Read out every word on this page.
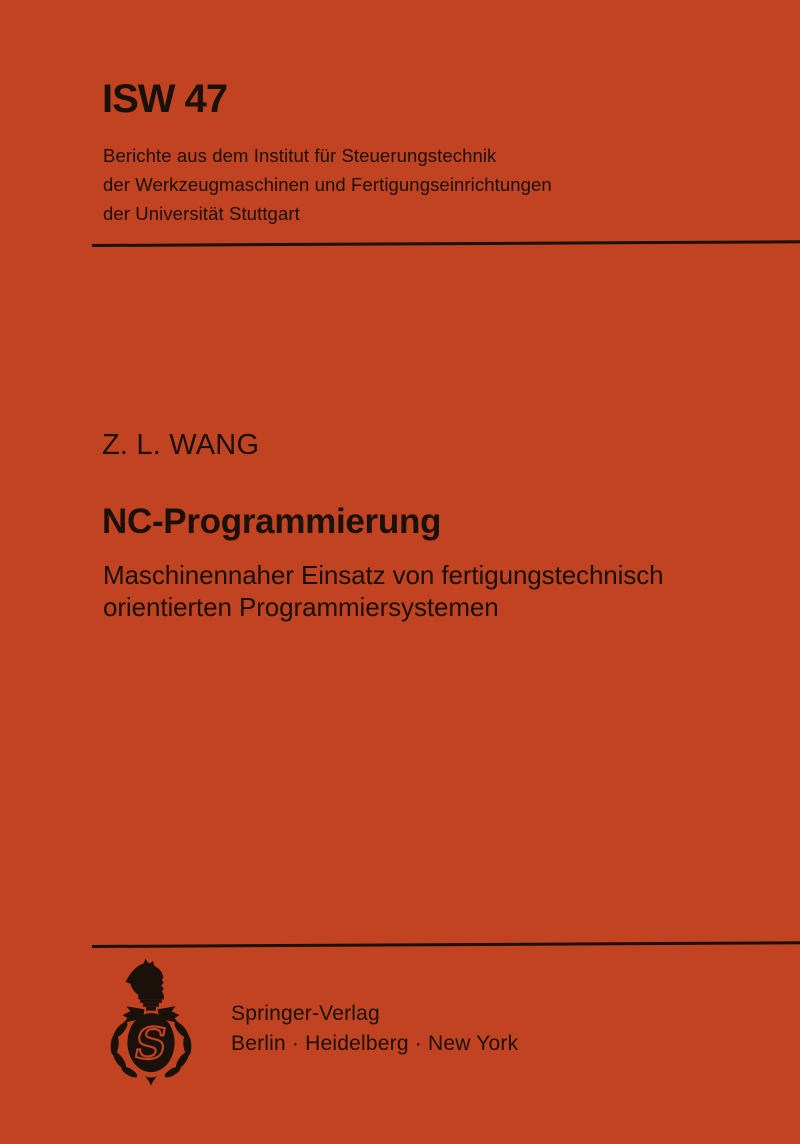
ISW 47
Berichte aus dem Institut für Steuerungstechnik
der Werkzeugmaschinen und Fertigungseinrichtungen
der Universität Stuttgart
Z. L. WANG
NC-Programmierung
Maschinennaher Einsatz von fertigungstechnisch
orientierten Programmiersystemen
S
Springer-Verlag
Berlin · Heidelberg · New York
